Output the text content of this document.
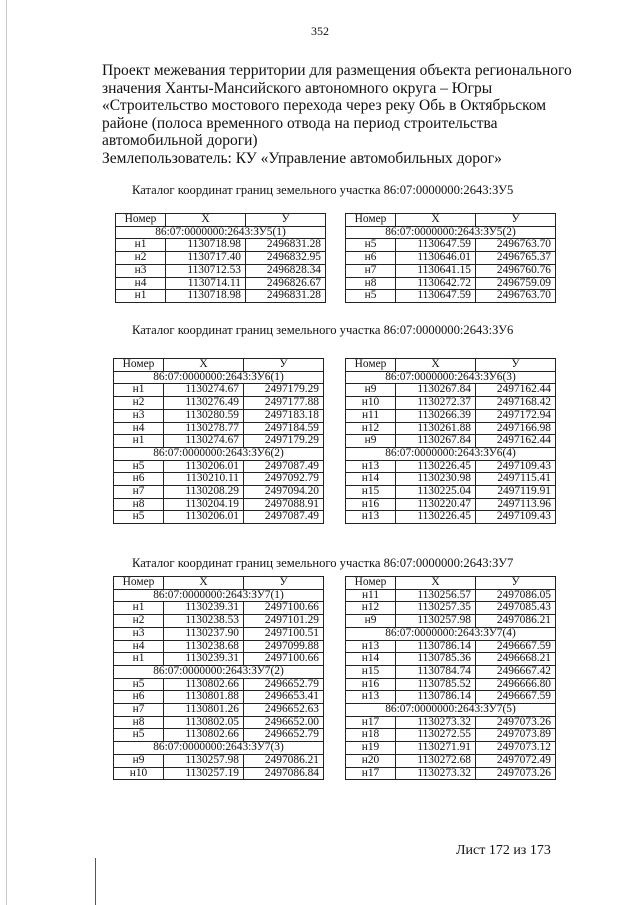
352
Проект межевания территории для размещения объекта регионального
значения Ханты-Мансийского автономного округа – Югры
«Строительство мостового перехода через реку Обь в Октябрьском
районе (полоса временного отвода на период строительства
автомобильной дороги)
Землепользователь: КУ «Управление автомобильных дорог»
Каталог координат границ земельного участка 86:07:0000000:2643:ЗУ5
Номер	X	У
86:07:0000000:2643:ЗУ5(1)		
н1	1130718.98	2496831.28
н2	1130717.40	2496832.95
н3	1130712.53	2496828.34
н4	1130714.11	2496826.67
н1	1130718.98	2496831.28
Номер	X	У
86:07:0000000:2643:ЗУ5(2)		
н5	1130647.59	2496763.70
н6	1130646.01	2496765.37
н7	1130641.15	2496760.76
н8	1130642.72	2496759.09
н5	1130647.59	2496763.70
Каталог координат границ земельного участка 86:07:0000000:2643:ЗУ6
Номер	X	У
86:07:0000000:2643:ЗУ6(1)		
н1	1130274.67	2497179.29
н2	1130276.49	2497177.88
н3	1130280.59	2497183.18
н4	1130278.77	2497184.59
н1	1130274.67	2497179.29
86:07:0000000:2643:ЗУ6(2)		
н5	1130206.01	2497087.49
н6	1130210.11	2497092.79
н7	1130208.29	2497094.20
н8	1130204.19	2497088.91
н5	1130206.01	2497087.49
Номер	X	У
86:07:0000000:2643:ЗУ6(3)		
н9	1130267.84	2497162.44
н10	1130272.37	2497168.42
н11	1130266.39	2497172.94
н12	1130261.88	2497166.98
н9	1130267.84	2497162.44
86:07:0000000:2643:ЗУ6(4)		
н13	1130226.45	2497109.43
н14	1130230.98	2497115.41
н15	1130225.04	2497119.91
н16	1130220.47	2497113.96
н13	1130226.45	2497109.43
Каталог координат границ земельного участка 86:07:0000000:2643:ЗУ7
Номер	X	У
86:07:0000000:2643:ЗУ7(1)		
н1	1130239.31	2497100.66
н2	1130238.53	2497101.29
н3	1130237.90	2497100.51
н4	1130238.68	2497099.88
н1	1130239.31	2497100.66
86:07:0000000:2643:ЗУ7(2)		
н5	1130802.66	2496652.79
н6	1130801.88	2496653.41
н7	1130801.26	2496652.63
н8	1130802.05	2496652.00
н5	1130802.66	2496652.79
86:07:0000000:2643:ЗУ7(3)		
н9	1130257.98	2497086.21
н10	1130257.19	2497086.84
Номер	X	У
н11	1130256.57	2497086.05
н12	1130257.35	2497085.43
н9	1130257.98	2497086.21
86:07:0000000:2643:ЗУ7(4)		
н13	1130786.14	2496667.59
н14	1130785.36	2496668.21
н15	1130784.74	2496667.42
н16	1130785.52	2496666.80
н13	1130786.14	2496667.59
86:07:0000000:2643:ЗУ7(5)		
н17	1130273.32	2497073.26
н18	1130272.55	2497073.89
н19	1130271.91	2497073.12
н20	1130272.68	2497072.49
н17	1130273.32	2497073.26
Лист 172 из 173
